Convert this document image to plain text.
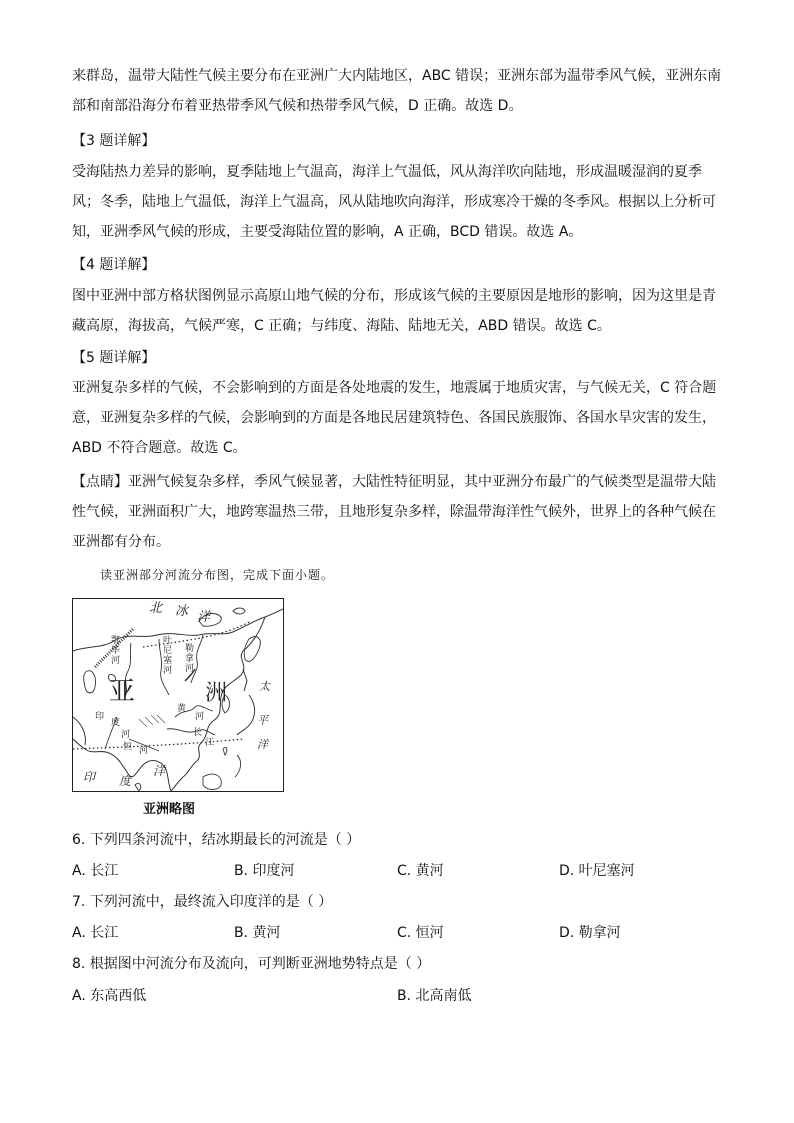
来群岛，温带大陆性气候主要分布在亚洲广大内陆地区，ABC 错误；亚洲东部为温带季风气候，亚洲东南
部和南部沿海分布着亚热带季风气候和热带季风气候，D 正确。故选 D。
【3 题详解】
受海陆热力差异的影响，夏季陆地上气温高，海洋上气温低，风从海洋吹向陆地，形成温暖湿润的夏季
风；冬季，陆地上气温低，海洋上气温高，风从陆地吹向海洋，形成寒冷干燥的冬季风。根据以上分析可
知，亚洲季风气候的形成，主要受海陆位置的影响，A 正确，BCD 错误。故选 A。
【4 题详解】
图中亚洲中部方格状图例显示高原山地气候的分布，形成该气候的主要原因是地形的影响，因为这里是青
藏高原，海拔高，气候严寒，C 正确；与纬度、海陆、陆地无关，ABD 错误。故选 C。
【5 题详解】
亚洲复杂多样的气候，不会影响到的方面是各处地震的发生，地震属于地质灾害，与气候无关，C 符合题
意，亚洲复杂多样的气候，会影响到的方面是各地民居建筑特色、各国民族服饰、各国水旱灾害的发生，
ABD 不符合题意。故选 C。
【点睛】亚洲气候复杂多样，季风气候显著，大陆性特征明显，其中亚洲分布最广的气候类型是温带大陆
性气候，亚洲面积广大，地跨寒温热三带，且地形复杂多样，除温带海洋性气候外，世界上的各种气候在
亚洲都有分布。
读亚洲部分河流分布图，完成下面小题。
北 冰 洋
鄂
毕
河
叶
尼
塞
河
勒
拿
河
亚	洲	太
平
洋
黄
河
长
江
印
度
河
恒 河
印 度
洋
亚洲略图
6. 下列四条河流中，结冰期最长的河流是（ ）
A. 长江	B. 印度河	C. 黄河	D. 叶尼塞河
7. 下列河流中，最终流入印度洋的是（ ）
A. 长江	B. 黄河	C. 恒河	D. 勒拿河
8. 根据图中河流分布及流向，可判断亚洲地势特点是（ ）
A. 东高西低	B. 北高南低
